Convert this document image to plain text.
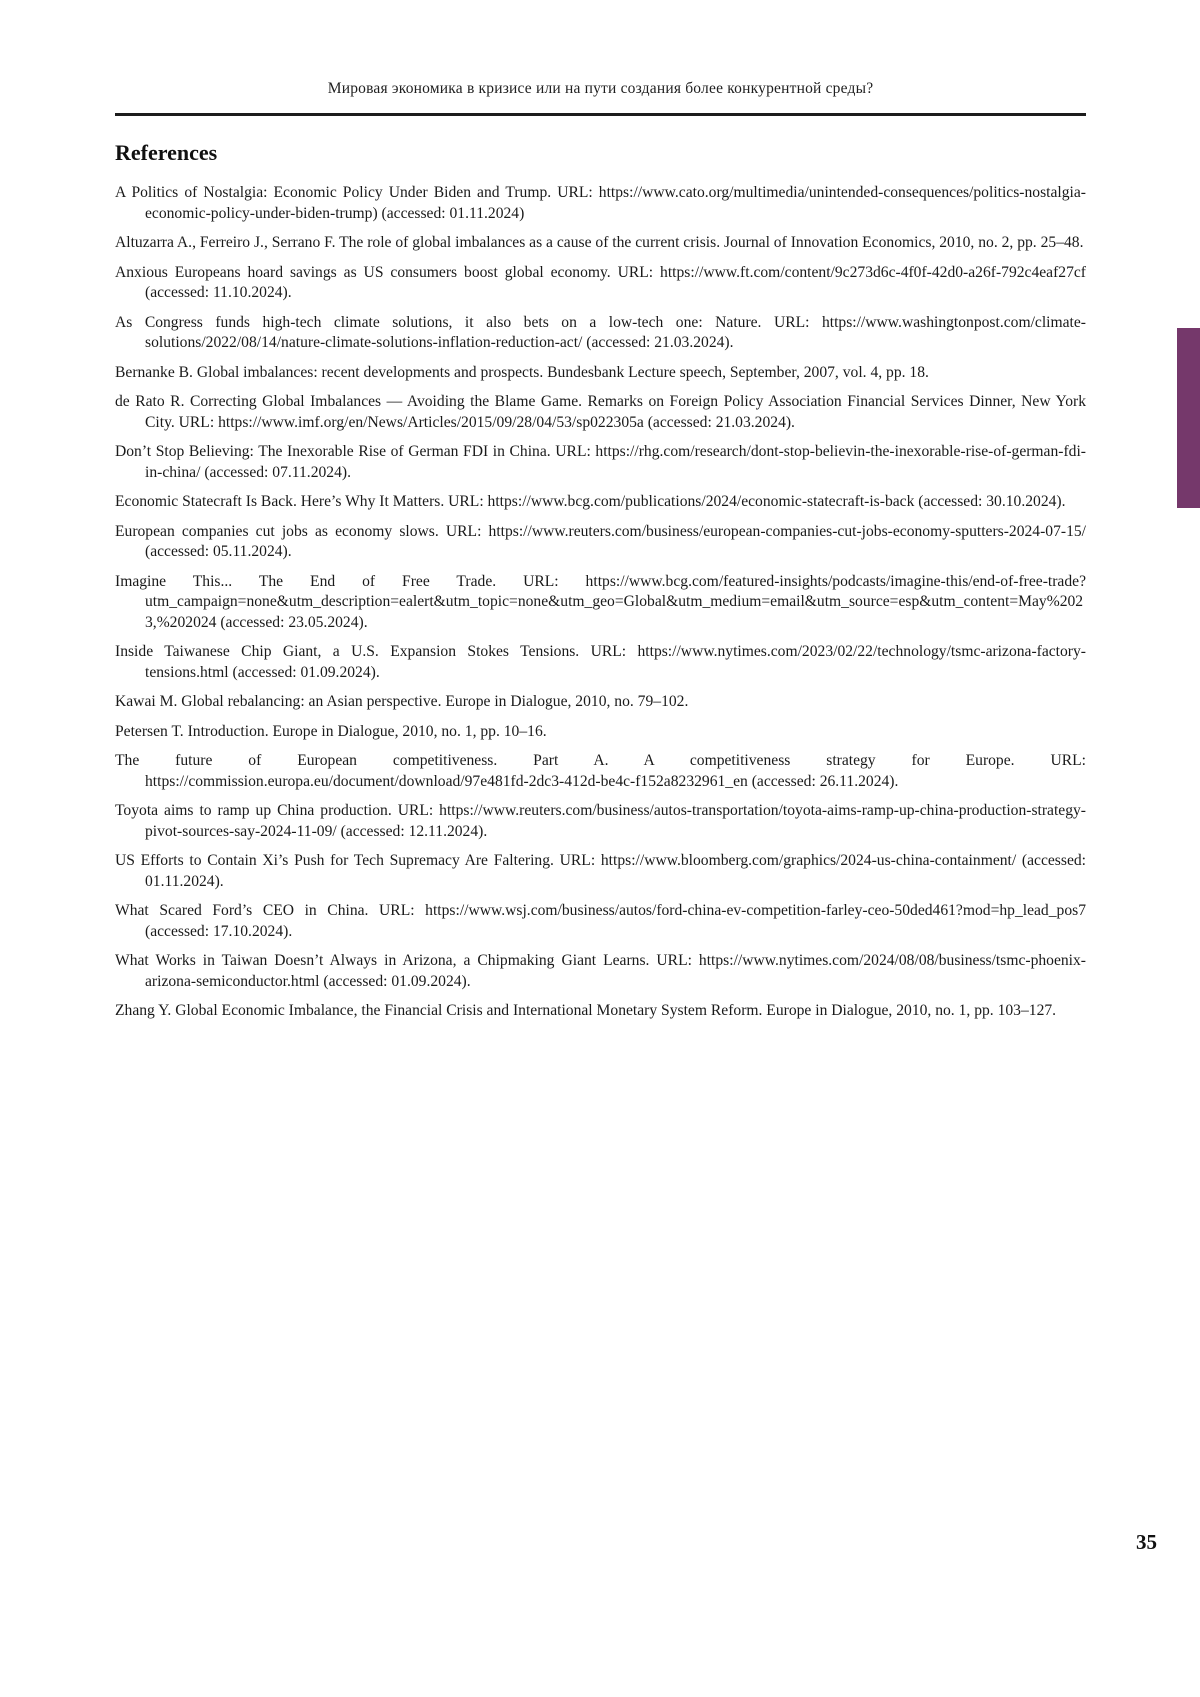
Мировая экономика в кризисе или на пути создания более конкурентной среды?
References

A Politics of Nostalgia: Economic Policy Under Biden and Trump. URL: https://www.cato.org/multimedia/unintended-consequences/politics-nostalgia-economic-policy-under-biden-trump) (accessed: 01.11.2024)

Altuzarra A., Ferreiro J., Serrano F. The role of global imbalances as a cause of the current crisis. Journal of Innovation Economics, 2010, no. 2, pp. 25–48.

Anxious Europeans hoard savings as US consumers boost global economy. URL: https://www.ft.com/content/9c273d6c-4f0f-42d0-a26f-792c4eaf27cf (accessed: 11.10.2024).

As Congress funds high-tech climate solutions, it also bets on a low-tech one: Nature. URL: https://www.washingtonpost.com/climate-solutions/2022/08/14/nature-climate-solutions-inflation-reduction-act/ (accessed: 21.03.2024).

Bernanke B. Global imbalances: recent developments and prospects. Bundesbank Lecture speech, September, 2007, vol. 4, pp. 18.

de Rato R. Correcting Global Imbalances — Avoiding the Blame Game. Remarks on Foreign Policy Association Financial Services Dinner, New York City. URL: https://www.imf.org/en/News/Articles/2015/09/28/04/53/sp022305a (accessed: 21.03.2024).

Don’t Stop Believing: The Inexorable Rise of German FDI in China. URL: https://rhg.com/research/dont-stop-believin-the-inexorable-rise-of-german-fdi-in-china/ (accessed: 07.11.2024).

Economic Statecraft Is Back. Here’s Why It Matters. URL: https://www.bcg.com/publications/2024/economic-statecraft-is-back (accessed: 30.10.2024).

European companies cut jobs as economy slows. URL: https://www.reuters.com/business/european-companies-cut-jobs-economy-sputters-2024-07-15/ (accessed: 05.11.2024).

Imagine This... The End of Free Trade. URL: https://www.bcg.com/featured-insights/podcasts/imagine-this/end-of-free-trade?utm_campaign=none&utm_description=ealert&utm_topic=none&utm_geo=Global&utm_medium=email&utm_source=esp&utm_content=May%2023,%202024 (accessed: 23.05.2024).

Inside Taiwanese Chip Giant, a U.S. Expansion Stokes Tensions. URL: https://www.nytimes.com/2023/02/22/technology/tsmc-arizona-factory-tensions.html (accessed: 01.09.2024).

Kawai M. Global rebalancing: an Asian perspective. Europe in Dialogue, 2010, no. 79–102.

Petersen T. Introduction. Europe in Dialogue, 2010, no. 1, pp. 10–16.

The future of European competitiveness. Part A. A competitiveness strategy for Europe. URL: https://commission.europa.eu/document/download/97e481fd-2dc3-412d-be4c-f152a8232961_en (accessed: 26.11.2024).

Toyota aims to ramp up China production. URL: https://www.reuters.com/business/autos-transportation/toyota-aims-ramp-up-china-production-strategy-pivot-sources-say-2024-11-09/ (accessed: 12.11.2024).

US Efforts to Contain Xi’s Push for Tech Supremacy Are Faltering. URL: https://www.bloomberg.com/graphics/2024-us-china-containment/ (accessed: 01.11.2024).

What Scared Ford’s CEO in China. URL: https://www.wsj.com/business/autos/ford-china-ev-competition-farley-ceo-50ded461?mod=hp_lead_pos7 (accessed: 17.10.2024).

What Works in Taiwan Doesn’t Always in Arizona, a Chipmaking Giant Learns. URL: https://www.nytimes.com/2024/08/08/business/tsmc-phoenix-arizona-semiconductor.html (accessed: 01.09.2024).

Zhang Y. Global Economic Imbalance, the Financial Crisis and International Monetary System Reform. Europe in Dialogue, 2010, no. 1, pp. 103–127.

35
